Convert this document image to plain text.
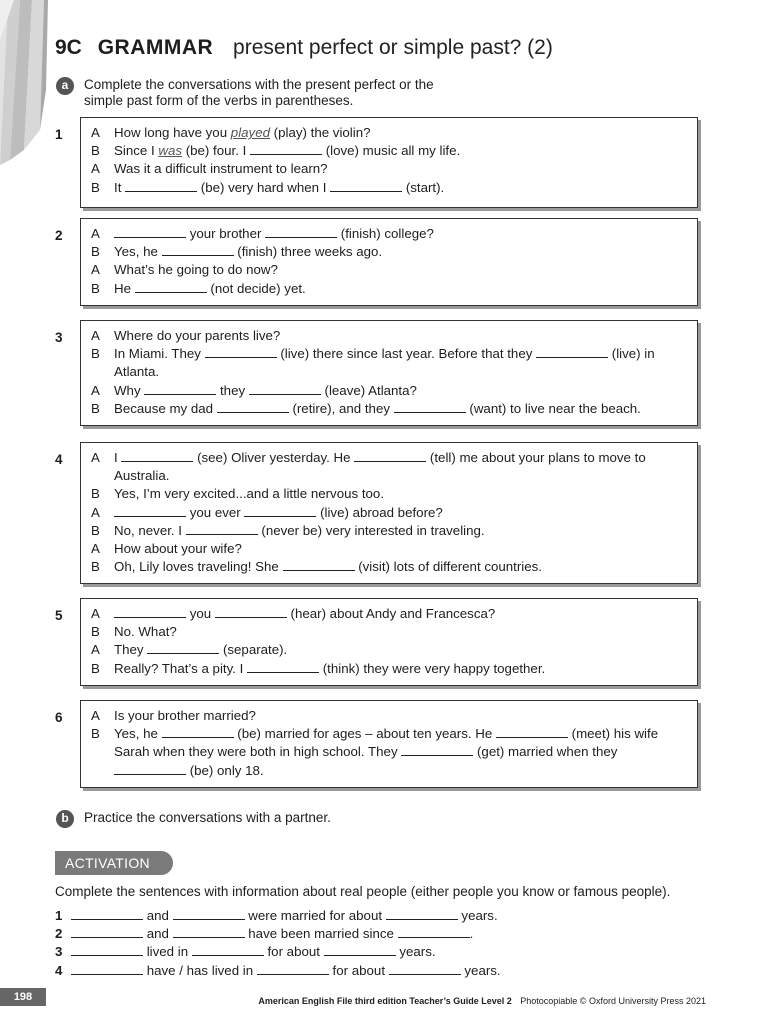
9C GRAMMAR present perfect or simple past? (2)
a	Complete the conversations with the present perfect or the
simple past form of the verbs in parentheses.
1 A How long have you played (play) the violin?
B Since I was (be) four. I	(love) music all my life.
A Was it a difficult instrument to learn?
B It	(be) very hard when I	(start).
2 A	your brother	(finish) college?
B Yes, he	(finish) three weeks ago.
A What’s he going to do now?
B He	(not decide) yet.
3 A Where do your parents live?
B In Miami. They	(live) there since last year. Before that they	(live) in Atlanta.
A Why	they	(leave) Atlanta?
B Because my dad	(retire), and they	(want) to live near the beach.
4 A I	(see) Oliver yesterday. He	(tell) me about your plans to move to Australia.
B Yes, I’m very excited...and a little nervous too.
A	you ever	(live) abroad before?
B No, never. I	(never be) very interested in traveling.
A How about your wife?
B Oh, Lily loves traveling! She	(visit) lots of different countries.
5 A	you	(hear) about Andy and Francesca?
B No. What?
A They	(separate).
B Really? That’s a pity. I	(think) they were very happy together.
6 A Is your brother married?
B Yes, he	(be) married for ages – about ten years. He	(meet) his wife Sarah when they were both in high school. They	(get) married when they  (be) only 18.
b	Practice the conversations with a partner.
ACTIVATION
Complete the sentences with information about real people (either people you know or famous people).
1	and	were married for about	years.
2	and	have been married since	.
3	lived in	for about	years.
4	have / has lived in	for about	years.
198	American English File third edition Teacher’s Guide Level 2 Photocopiable © Oxford University Press 2021
